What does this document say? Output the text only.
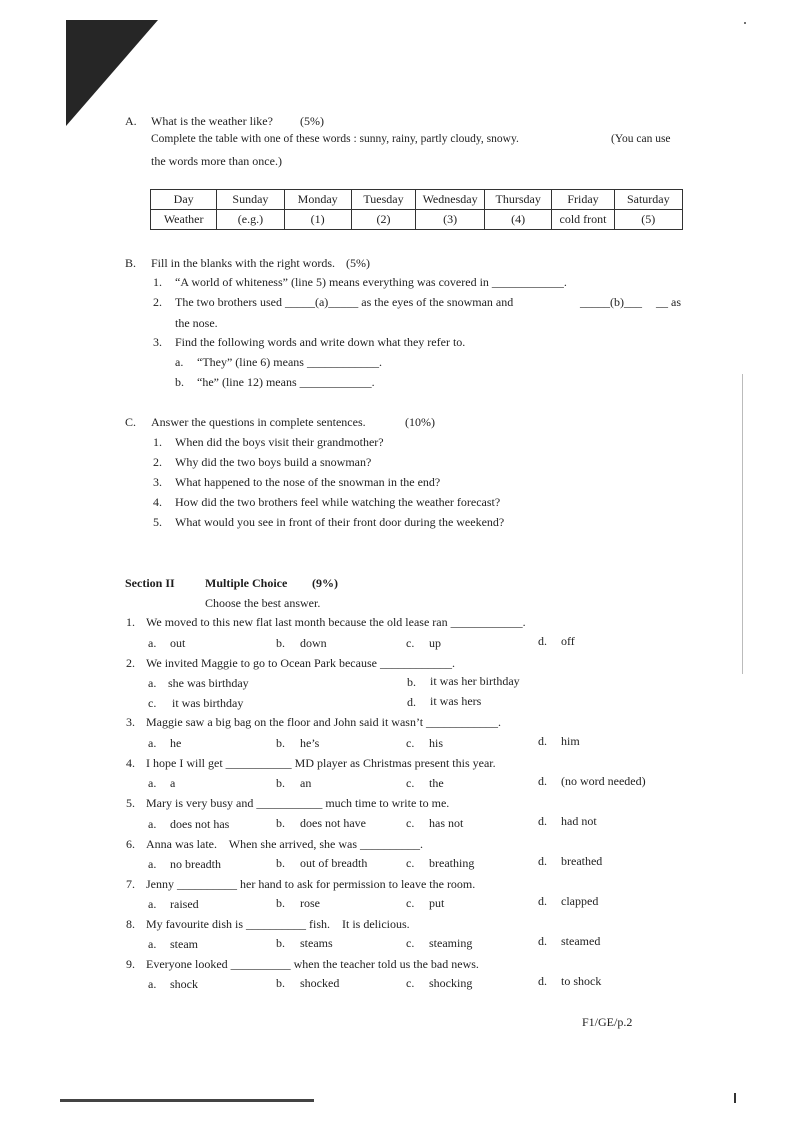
A. What is the weather like? (5%)
Complete the table with one of these words : sunny, rainy, partly cloudy, snowy.	(You can use
the words more than once.)
Day	Sunday	Monday	Tuesday	Wednesday	Thursday	Friday	Saturday
Weather	(e.g.)	(1)	(2)	(3)	(4)	cold front	(5)
B. Fill in the blanks with the right words. (5%)
1. “A world of whiteness” (line 5) means everything was covered in ____________.
2. The two brothers used _____(a)_____ as the eyes of the snowman and	_____(b)___ __ as
the nose.
3. Find the following words and write down what they refer to.
a. “They” (line 6) means ____________.
b. “he” (line 12) means ____________.
C. Answer the questions in complete sentences.	(10%)
1. When did the boys visit their grandmother?
2. Why did the two boys build a snowman?
3. What happened to the nose of the snowman in the end?
4. How did the two brothers feel while watching the weather forecast?
5. What would you see in front of their front door during the weekend?
Section II	Multiple Choice (9%)
Choose the best answer.
1. We moved to this new flat last month because the old lease ran ____________.
a. out	b. down	c. up	d. off
2. We invited Maggie to go to Ocean Park because ____________.
a. she was birthday	b. it was her birthday
c. it was birthday	d. it was hers
3. Maggie saw a big bag on the floor and John said it wasn’t ____________.
a. he	b. he’s	c. his	d. him
4. I hope I will get ___________ MD player as Christmas present this year.
a. a	b. an	c. the	d. (no word needed)
5. Mary is very busy and ___________ much time to write to me.
a. does not has	b. does not have	c. has not	d. had not
6. Anna was late.    When she arrived, she was __________.
a. no breadth	b. out of breadth	c. breathing	d. breathed
7. Jenny __________ her hand to ask for permission to leave the room.
a. raised	b. rose	c. put	d. clapped
8. My favourite dish is __________ fish.    It is delicious.
a. steam	b. steams	c. steaming	d. steamed
9. Everyone looked __________ when the teacher told us the bad news.
a. shock	b. shocked	c. shocking	d. to shock
F1/GE/p.2
